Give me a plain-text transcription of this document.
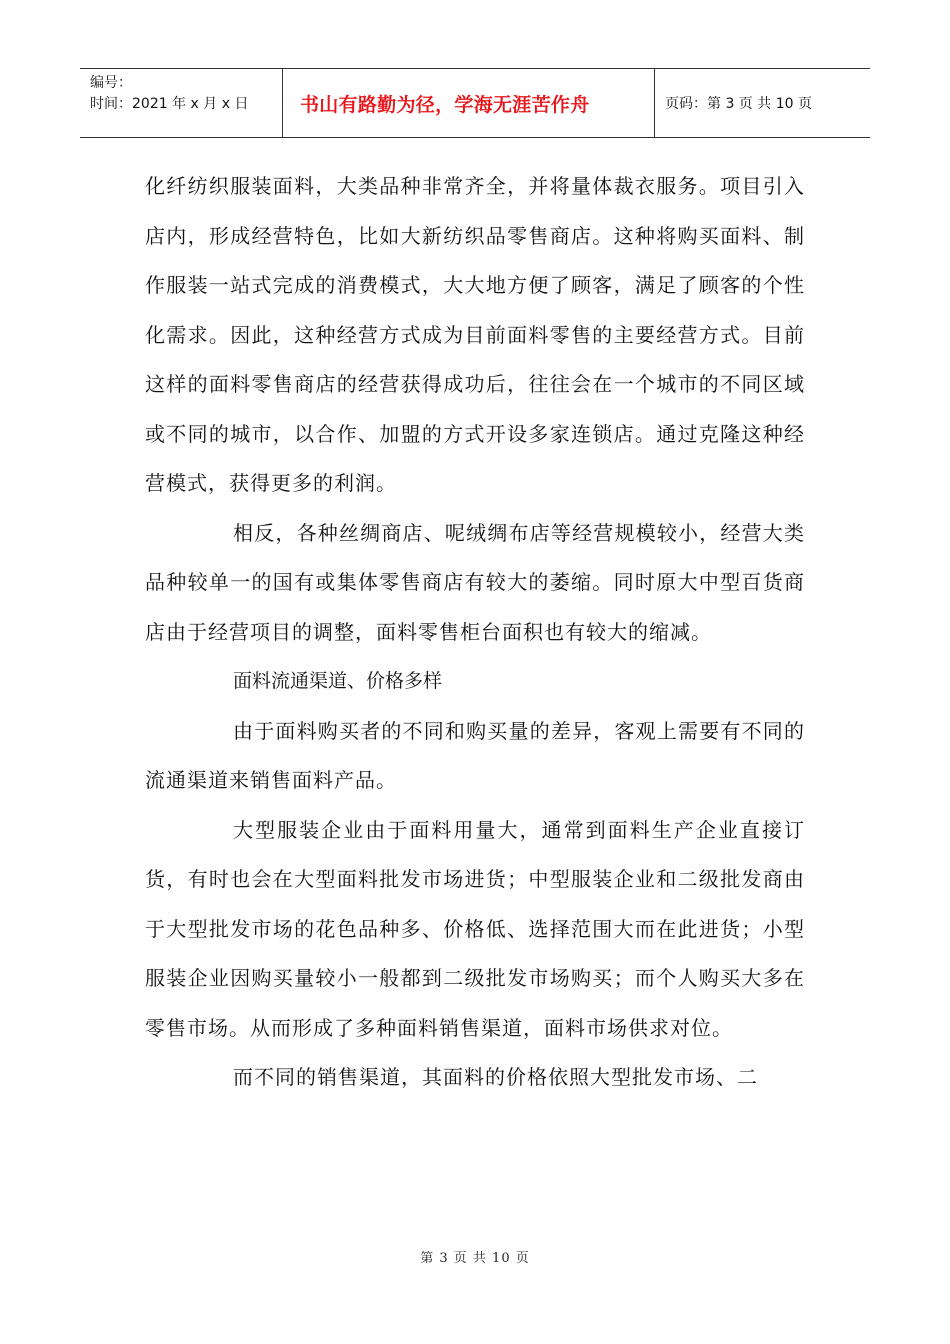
编号：
时间：2021 年 x 月 x 日	书山有路勤为径，学海无涯苦作舟	页码：第 3 页 共 10 页

化纤纺织服装面料，大类品种非常齐全，并将量体裁衣服务。项目引入店内，形成经营特色，比如大新纺织品零售商店。这种将购买面料、制作服装一站式完成的消费模式，大大地方便了顾客，满足了顾客的个性化需求。因此，这种经营方式成为目前面料零售的主要经营方式。目前这样的面料零售商店的经营获得成功后，往往会在一个城市的不同区域或不同的城市，以合作、加盟的方式开设多家连锁店。通过克隆这种经营模式，获得更多的利润。

相反，各种丝绸商店、呢绒绸布店等经营规模较小，经营大类品种较单一的国有或集体零售商店有较大的萎缩。同时原大中型百货商店由于经营项目的调整，面料零售柜台面积也有较大的缩减。

面料流通渠道、价格多样

由于面料购买者的不同和购买量的差异，客观上需要有不同的流通渠道来销售面料产品。

大型服装企业由于面料用量大，通常到面料生产企业直接订货，有时也会在大型面料批发市场进货；中型服装企业和二级批发商由于大型批发市场的花色品种多、价格低、选择范围大而在此进货；小型服装企业因购买量较小一般都到二级批发市场购买；而个人购买大多在零售市场。从而形成了多种面料销售渠道，面料市场供求对位。

而不同的销售渠道，其面料的价格依照大型批发市场、二

第 3 页 共 10 页
